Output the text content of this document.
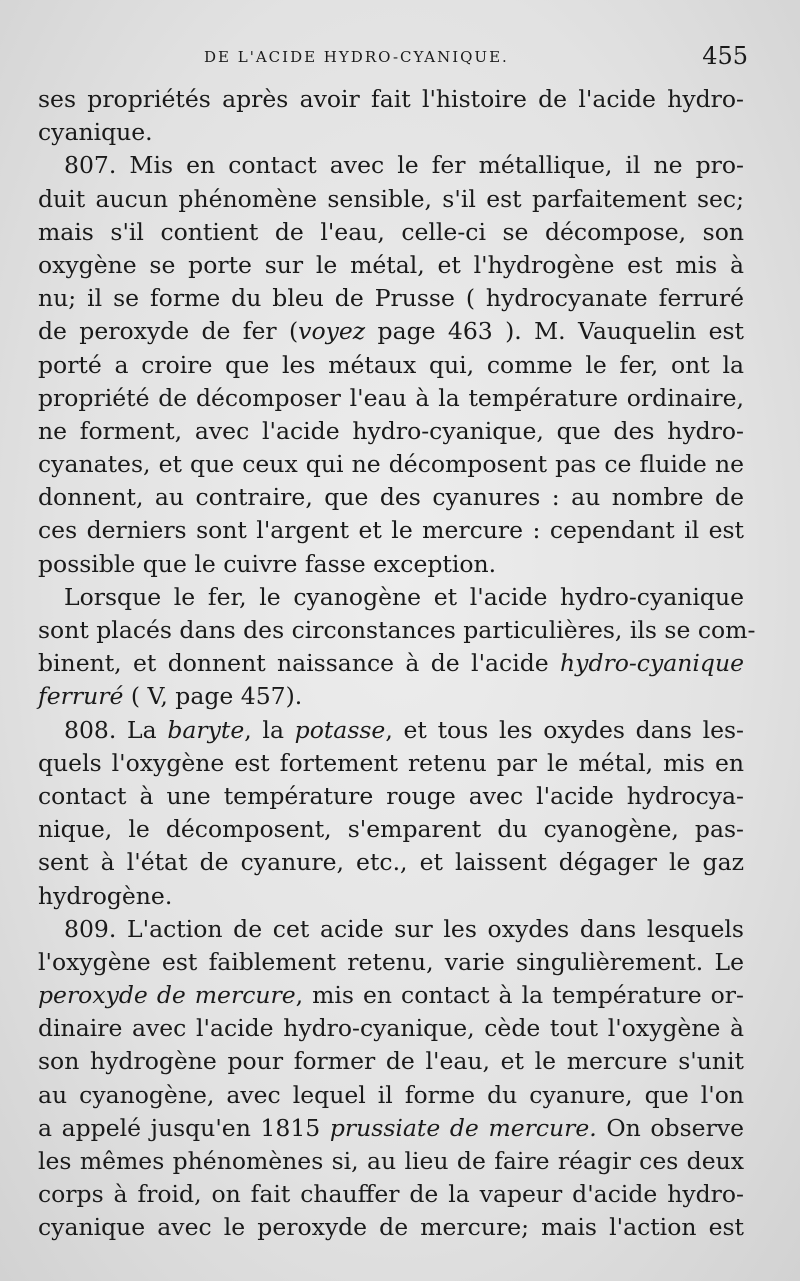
DE L'ACIDE HYDRO-CYANIQUE.	455
ses propriétés après avoir fait l'histoire de l'acide hydro-
cyanique.
807. Mis en contact avec le fer métallique, il ne pro-
duit aucun phénomène sensible, s'il est parfaitement sec;
mais s'il contient de l'eau, celle-ci se décompose, son
oxygène se porte sur le métal, et l'hydrogène est mis à
nu; il se forme du bleu de Prusse ( hydrocyanate ferruré
de peroxyde de fer (voyez page 463 ). M. Vauquelin est
porté a croire que les métaux qui, comme le fer, ont la
propriété de décomposer l'eau à la température ordinaire,
ne forment, avec l'acide hydro-cyanique, que des hydro-
cyanates, et que ceux qui ne décomposent pas ce fluide ne
donnent, au contraire, que des cyanures : au nombre de
ces derniers sont l'argent et le mercure : cependant il est
possible que le cuivre fasse exception.
Lorsque le fer, le cyanogène et l'acide hydro-cyanique
sont placés dans des circonstances particulières, ils se com-
binent, et donnent naissance à de l'acide hydro-cyanique
ferruré ( V, page 457).
808. La baryte, la potasse, et tous les oxydes dans les-
quels l'oxygène est fortement retenu par le métal, mis en
contact à une température rouge avec l'acide hydrocya-
nique, le décomposent, s'emparent du cyanogène, pas-
sent à l'état de cyanure, etc., et laissent dégager le gaz
hydrogène.
809. L'action de cet acide sur les oxydes dans lesquels
l'oxygène est faiblement retenu, varie singulièrement. Le
peroxyde de mercure, mis en contact à la température or-
dinaire avec l'acide hydro-cyanique, cède tout l'oxygène à
son hydrogène pour former de l'eau, et le mercure s'unit
au cyanogène, avec lequel il forme du cyanure, que l'on
a appelé jusqu'en 1815 prussiate de mercure. On observe
les mêmes phénomènes si, au lieu de faire réagir ces deux
corps à froid, on fait chauffer de la vapeur d'acide hydro-
cyanique avec le peroxyde de mercure; mais l'action est
